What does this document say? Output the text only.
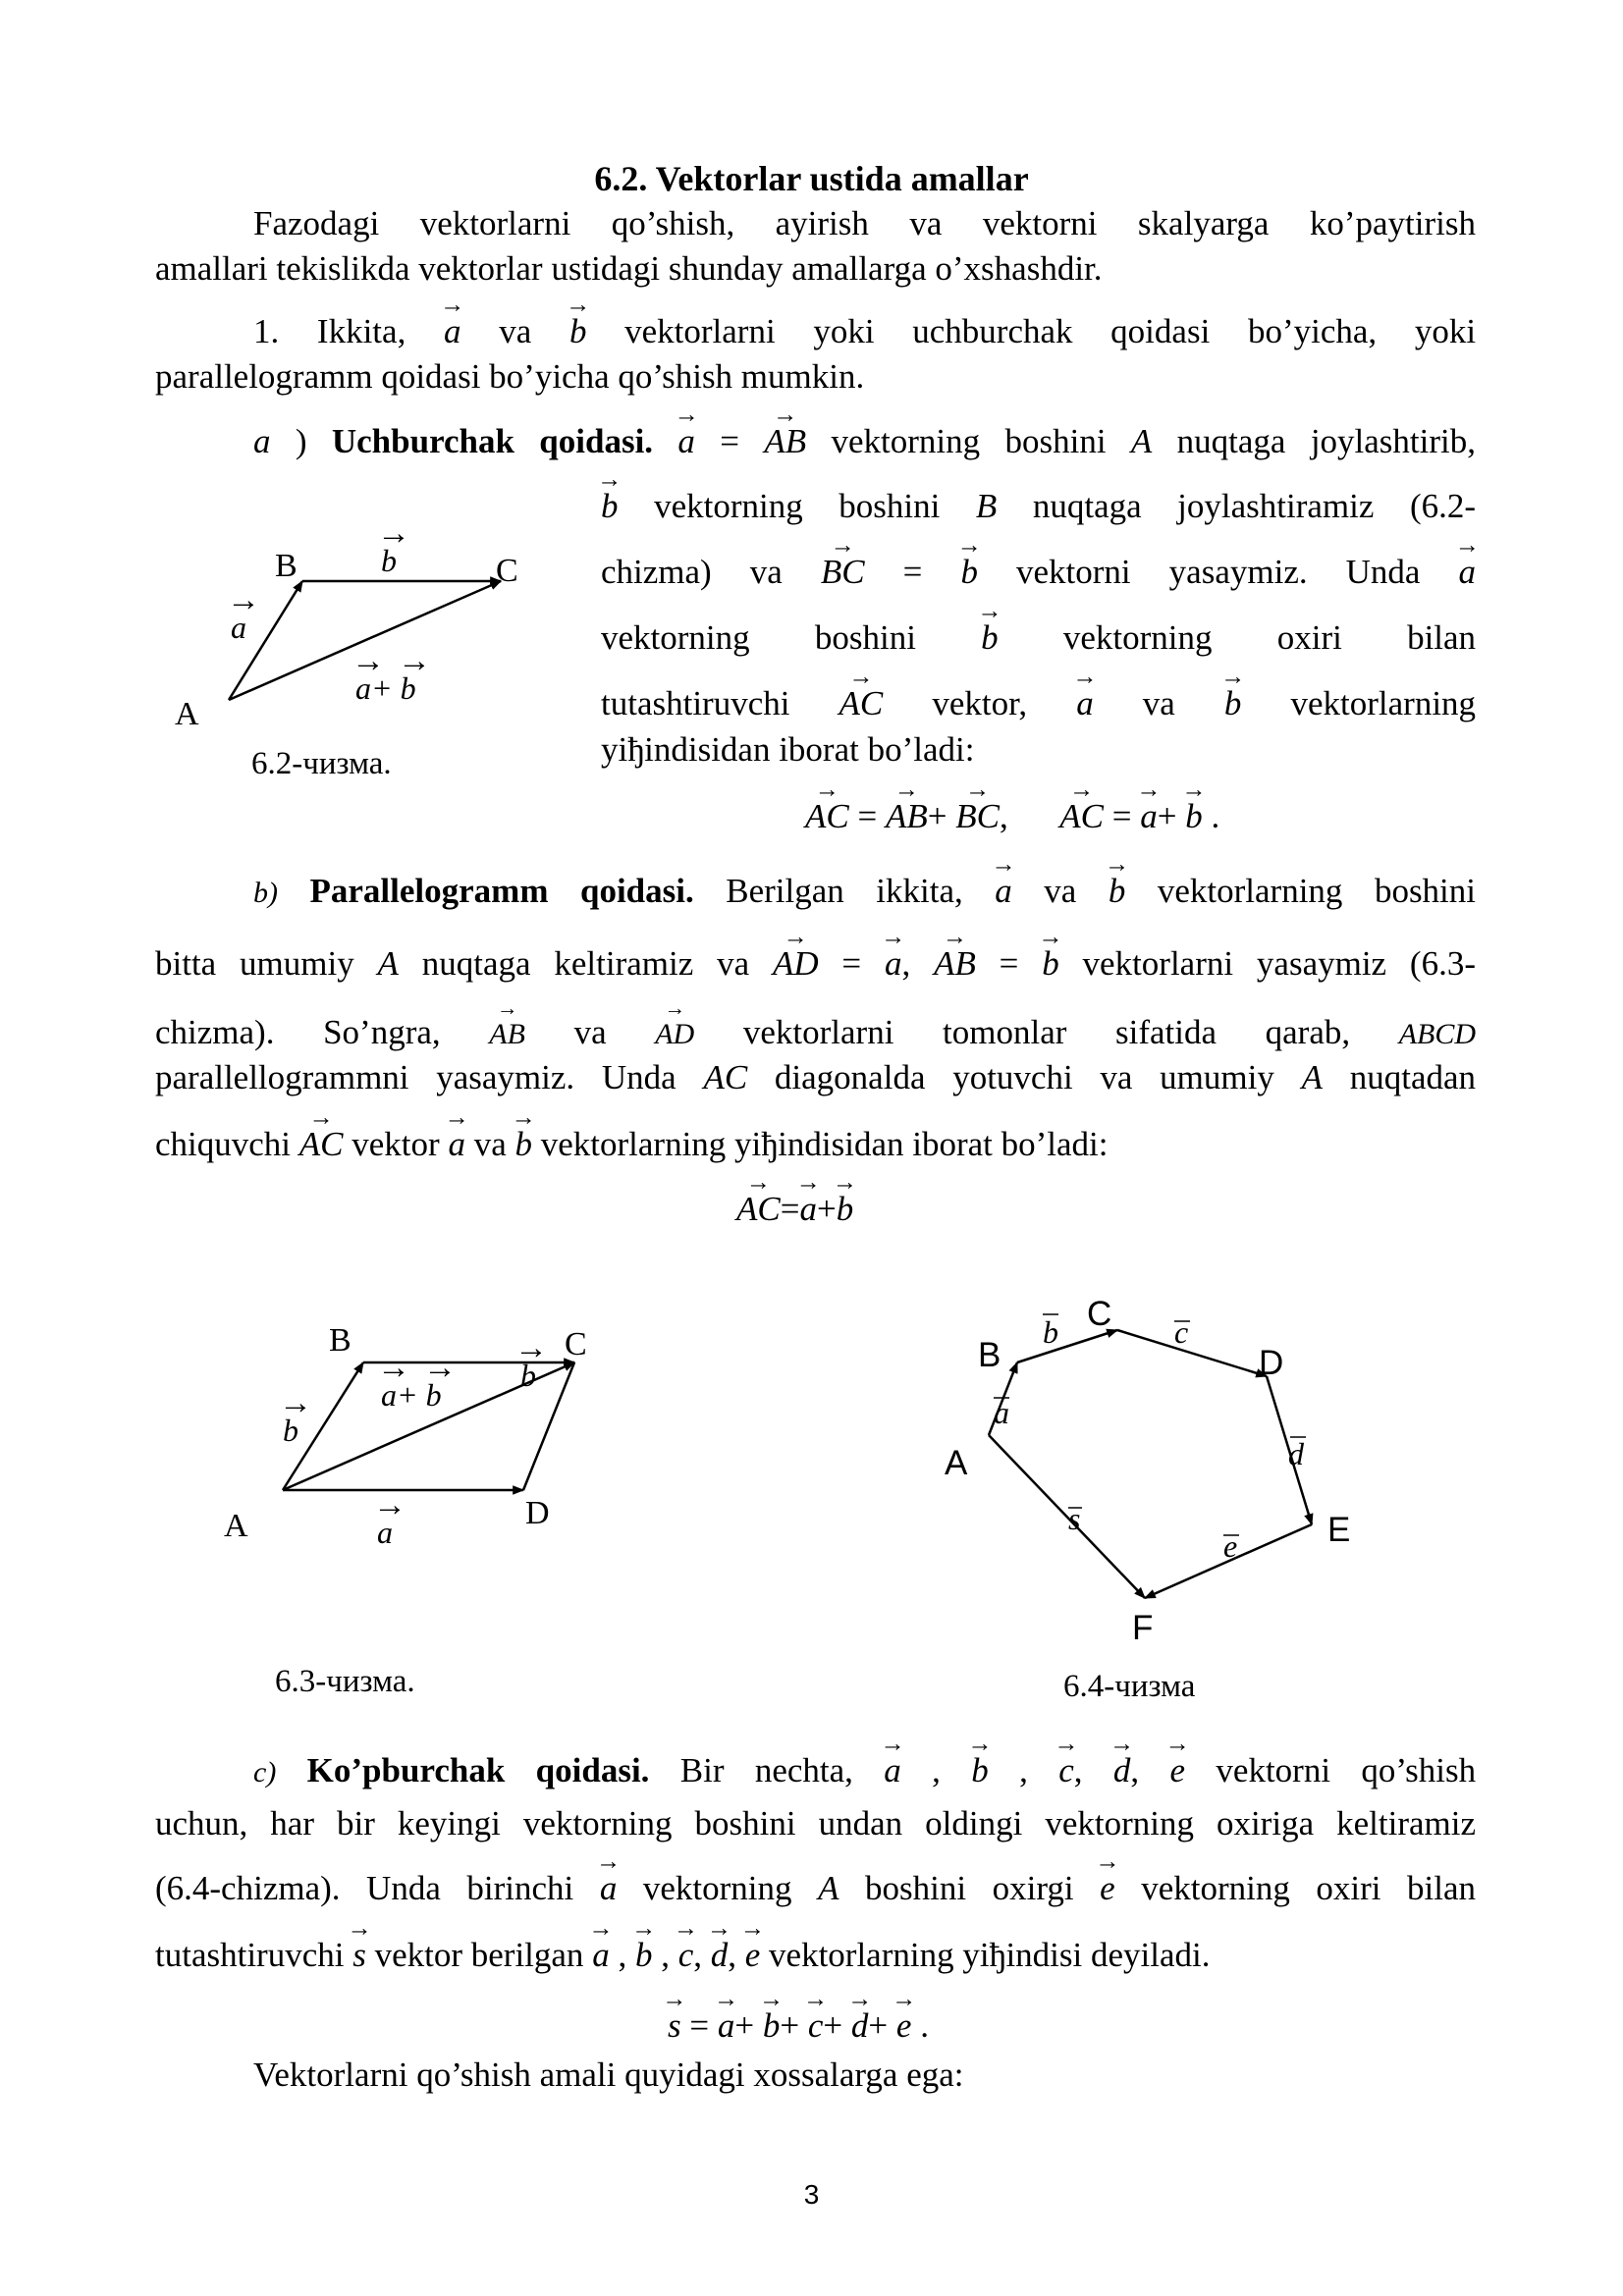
6.2. Vektorlar ustida amallar
Fazodagi vektorlarni qo’shish, ayirish va vektorni skalyarga ko’paytirish
amallari tekislikda vektorlar ustidagi shunday amallarga o’xshashdir.
1. Ikkita, → a va → b vektorlarni yoki uchburchak qoidasi bo’yicha, yoki
parallelogramm qoidasi bo’yicha qo’shish mumkin.
a ) Uchburchak qoidasi. → a = → AB vektorning boshini A nuqtaga joylashtirib,
→ b vektorning boshini B nuqtaga joylashtiramiz (6.2-
chizma) va → BC = → b vektorni yasaymiz. Unda → a
vektorning boshini → b vektorning oxiri bilan
tutashtiruvchi → AC vektor, → a va → b vektorlarning
yiђindisidan iborat bo’ladi:
→ AC = → AB+ → BC,      → AC = → a+ → b .
B	C
A
b
→
a
→
a+ b
→ →
6.2-чизма.
b) Parallelogramm qoidasi. Berilgan ikkita, → a va → b vektorlarning boshini
bitta umumiy A nuqtaga keltiramiz va → AD = → a, → AB = → b vektorlarni yasaymiz (6.3-
chizma). So’ngra, → AB va → AD vektorlarni tomonlar sifatida qarab, ABCD
parallellogrammni yasaymiz. Unda AC diagonalda yotuvchi va umumiy A nuqtadan
chiquvchi → AC vektor → a va → b vektorlarning yiђindisidan iborat bo’ladi:
→ AC=→ a+→ b
B	C
A	D
a+ b
→ → b
→
b
→
a
→
6.3-чизма.
A
B
C
D
E
F
a
b	c
d
e
s
6.4-чизма
c) Ko’pburchak qoidasi. Bir nechta, → a , → b , → c, → d, → e vektorni qo’shish
uchun, har bir keyingi vektorning boshini undan oldingi vektorning oxiriga keltiramiz
(6.4-chizma). Unda birinchi → a vektorning A boshini oxirgi → e vektorning oxiri bilan
tutashtiruvchi → s vektor berilgan → a , → b , → c, → d, → e vektorlarning yiђindisi deyiladi.
→ s = → a+ → b+ → c+ → d+ → e .
Vektorlarni qo’shish amali quyidagi xossalarga ega:
3
